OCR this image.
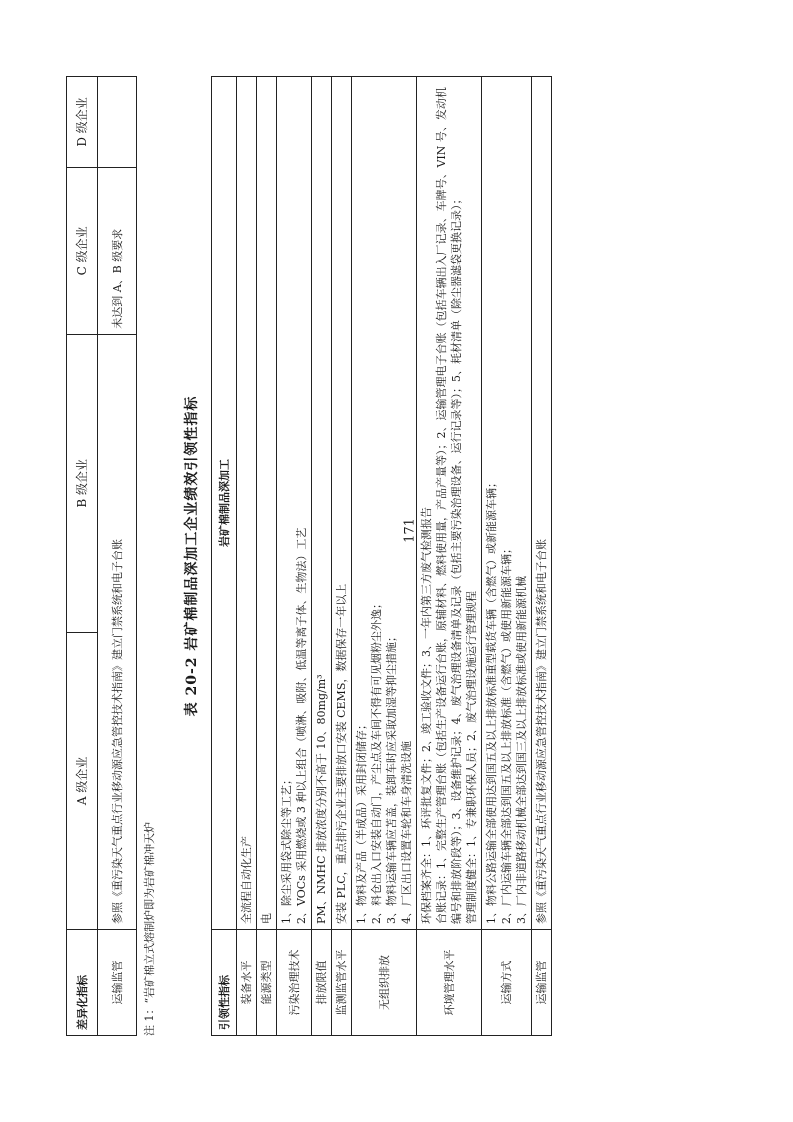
差异化指标	A 级企业	B 级企业	C 级企业	D 级企业
运输监管	参照《重污染天气重点行业移动源应急管控技术指南》建立门禁系统和电子台账		未达到 A、B 级要求	
注 1：“岩矿棉立式熔制炉即为岩矿棉冲天炉
表 20-2 岩矿棉制品深加工企业绩效引领性指标
引领性指标	岩矿棉制品深加工
装备水平	全流程自动化生产

能源类型	电

污染治理技术	1、除尘采用袋式除尘等工艺； 2、VOCs 采用燃烧或 3 种以上组合（喷淋、吸附、低温等离子体、生物法）工艺

排放限值	PM、NMHC 排放浓度分别不高于 10、80mg/m³

监测监管水平	安装 PLC，重点排污企业主要排放口安装 CEMS，数据保存一年以上

无组织排放	1、物料及产品（半成品）采用封闭储存； 2、料仓出入口安装自动门，产尘点及车间不得有可见烟粉尘外逸； 3、物料运输车辆应苫盖，装卸车时应采取加湿等抑尘措施； 4、厂区出口设置车轮和车身清洗设施

环境管理水平	环保档案齐全：1、环评批复文件；2、竣工验收文件；3、一年内第三方废气检测报告 台账记录：1、完整生产管理台账（包括生产设备运行台账，原辅材料、燃料使用量，产品产量等）；2、运输管理电子台账（包括车辆出入厂记录、车牌号、VIN 号、发动机编号和排放阶段等）；3、设备维护记录；4、废气治理设备清单及记录（包括主要污染治理设备、运行记录等）；5、耗材清单（除尘器滤袋更换记录）； 管理制度健全：1、专兼职环保人员；2、废气治理设施运行管理规程

运输方式	1、物料公路运输全部使用达到国五及以上排放标准重型载货车辆（含燃气）或新能源车辆； 2、厂内运输车辆全部达到国五及以上排放标准（含燃气）或使用新能源车辆； 3、厂内非道路移动机械全部达到国三及以上排放标准或使用新能源机械

运输监管	参照《重污染天气重点行业移动源应急管控技术指南》建立门禁系统和电子台账
171
